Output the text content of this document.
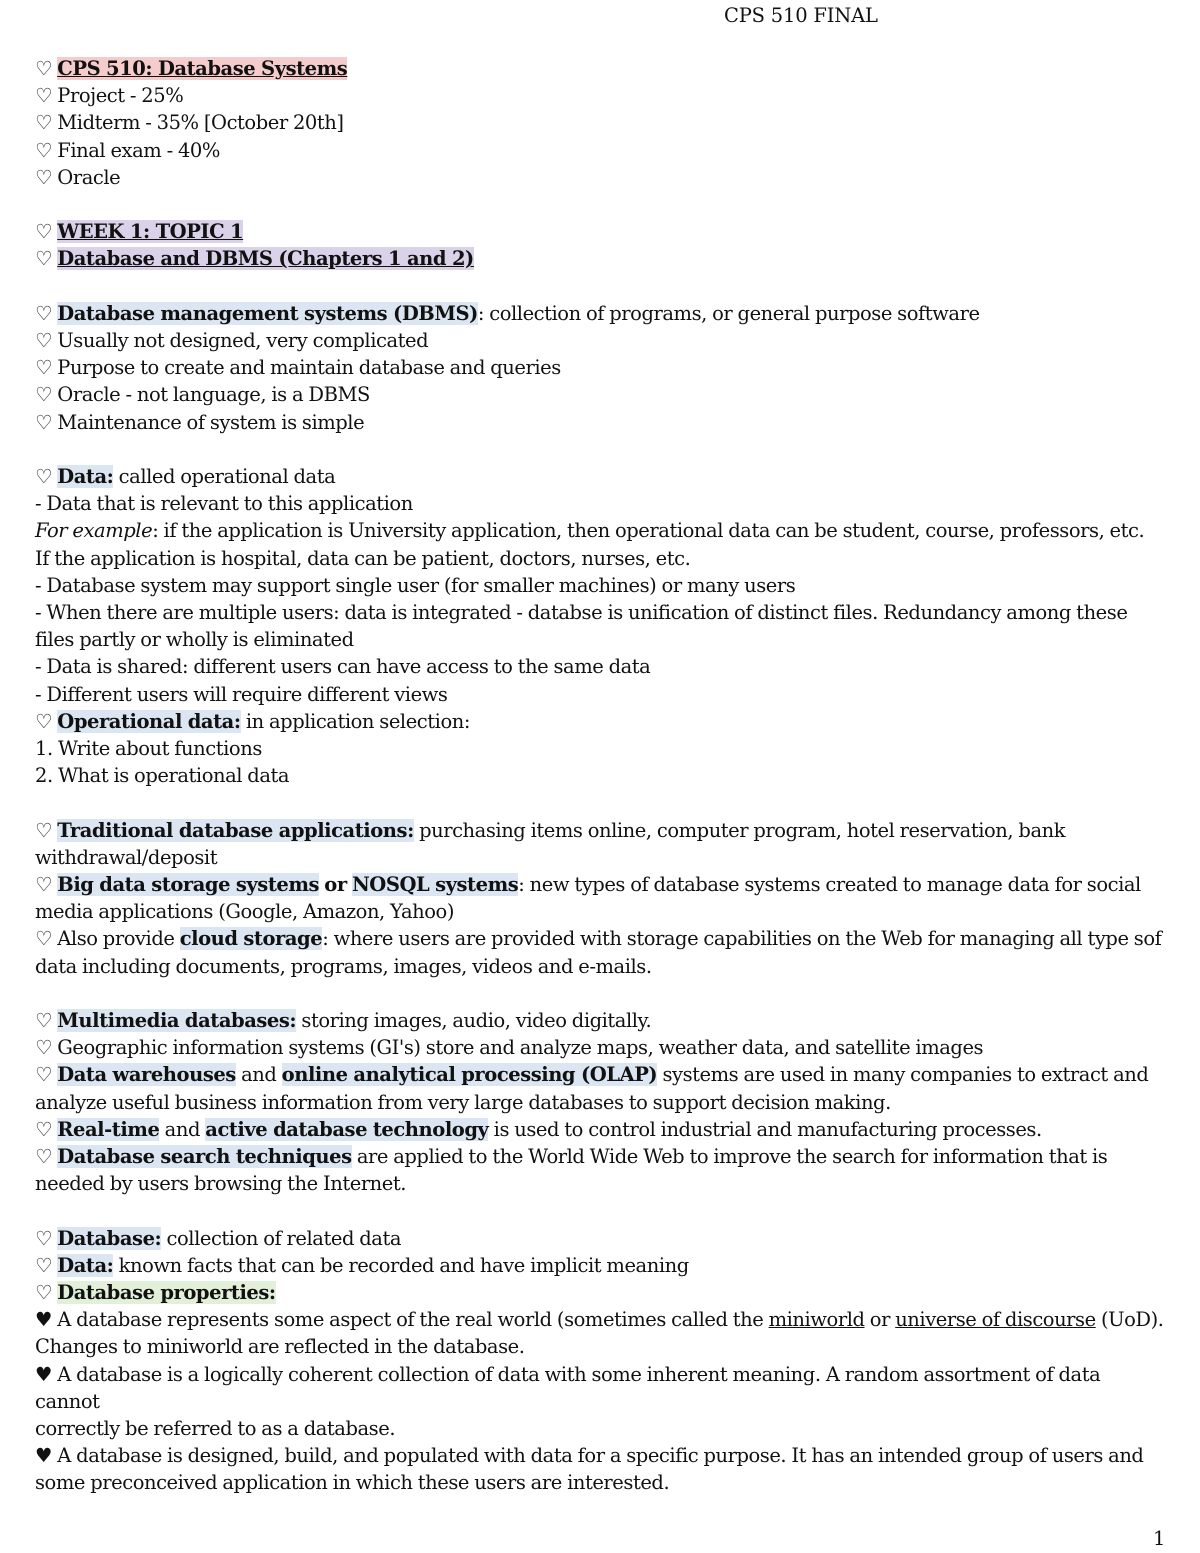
CPS 510 FINAL
♡ CPS 510: Database Systems
♡ Project - 25%
♡ Midterm - 35% [October 20th]
♡ Final exam - 40%
♡ Oracle
♡ WEEK 1: TOPIC 1
♡ Database and DBMS (Chapters 1 and 2)
♡ Database management systems (DBMS): collection of programs, or general purpose software
♡ Usually not designed, very complicated
♡ Purpose to create and maintain database and queries
♡ Oracle - not language, is a DBMS
♡ Maintenance of system is simple
♡ Data: called operational data
- Data that is relevant to this application
For example: if the application is University application, then operational data can be student, course, professors, etc.
If the application is hospital, data can be patient, doctors, nurses, etc.
- Database system may support single user (for smaller machines) or many users
- When there are multiple users: data is integrated - databse is unification of distinct files. Redundancy among these
files partly or wholly is eliminated
- Data is shared: different users can have access to the same data
- Different users will require different views
♡ Operational data: in application selection:
1. Write about functions
2. What is operational data
♡ Traditional database applications: purchasing items online, computer program, hotel reservation, bank
withdrawal/deposit
♡ Big data storage systems or NOSQL systems: new types of database systems created to manage data for social
media applications (Google, Amazon, Yahoo)
♡ Also provide cloud storage: where users are provided with storage capabilities on the Web for managing all type sof
data including documents, programs, images, videos and e-mails.
♡ Multimedia databases: storing images, audio, video digitally.
♡ Geographic information systems (GI's) store and analyze maps, weather data, and satellite images
♡ Data warehouses and online analytical processing (OLAP) systems are used in many companies to extract and
analyze useful business information from very large databases to support decision making.
♡ Real-time and active database technology is used to control industrial and manufacturing processes.
♡ Database search techniques are applied to the World Wide Web to improve the search for information that is
needed by users browsing the Internet.
♡ Database: collection of related data
♡ Data: known facts that can be recorded and have implicit meaning
♡ Database properties:
♥ A database represents some aspect of the real world (sometimes called the miniworld or universe of discourse (UoD).
Changes to miniworld are reflected in the database.
♥ A database is a logically coherent collection of data with some inherent meaning. A random assortment of data cannot
correctly be referred to as a database.
♥ A database is designed, build, and populated with data for a specific purpose. It has an intended group of users and
some preconceived application in which these users are interested.
1
